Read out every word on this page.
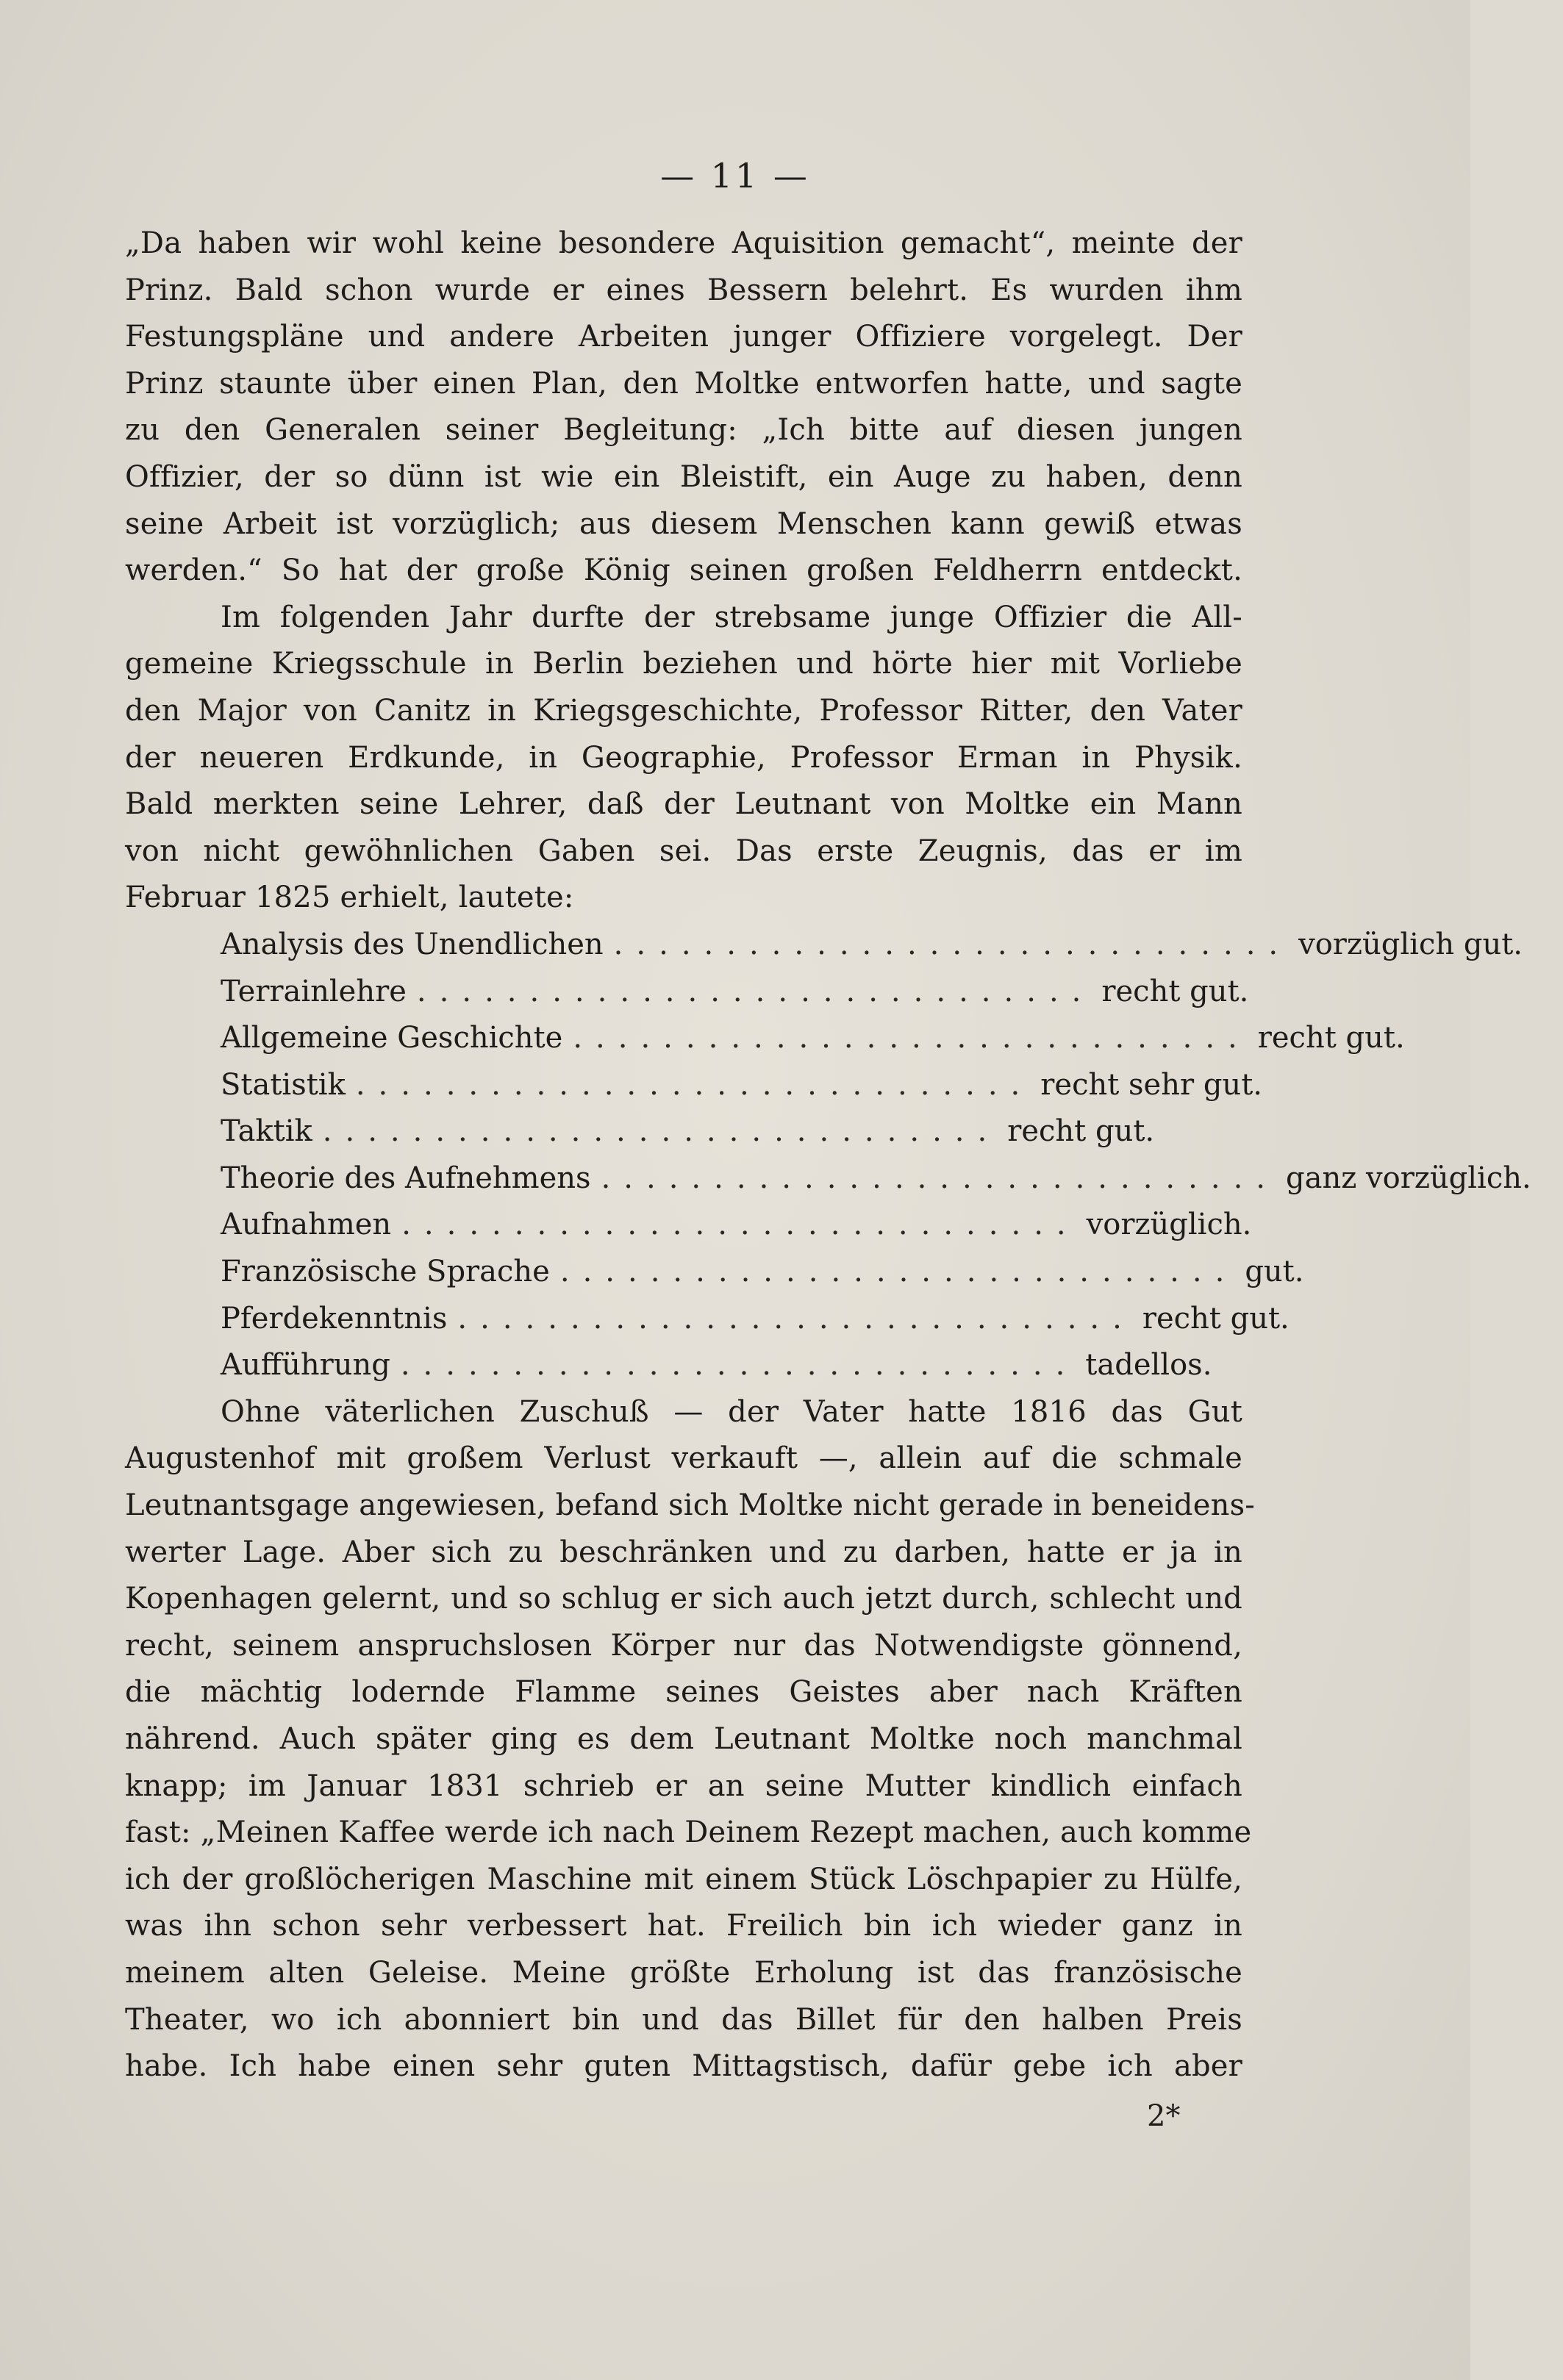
— 11 —
„Da haben wir wohl keine besondere Aquisition gemacht“, meinte der
Prinz. Bald schon wurde er eines Bessern belehrt. Es wurden ihm
Festungspläne und andere Arbeiten junger Offiziere vorgelegt. Der
Prinz staunte über einen Plan, den Moltke entworfen hatte, und sagte
zu den Generalen seiner Begleitung: „Ich bitte auf diesen jungen
Offizier, der so dünn ist wie ein Bleistift, ein Auge zu haben, denn
seine Arbeit ist vorzüglich; aus diesem Menschen kann gewiß etwas
werden.“ So hat der große König seinen großen Feldherrn entdeckt.
Im folgenden Jahr durfte der strebsame junge Offizier die All-
gemeine Kriegsschule in Berlin beziehen und hörte hier mit Vorliebe
den Major von Canitz in Kriegsgeschichte, Professor Ritter, den Vater
der neueren Erdkunde, in Geographie, Professor Erman in Physik.
Bald merkten seine Lehrer, daß der Leutnant von Moltke ein Mann
von nicht gewöhnlichen Gaben sei. Das erste Zeugnis, das er im
Februar 1825 erhielt, lautete:
Analysis des Unendlichen .............................. vorzüglich gut.
Terrainlehre .............................. recht gut.
Allgemeine Geschichte .............................. recht gut.
Statistik .............................. recht sehr gut.
Taktik .............................. recht gut.
Theorie des Aufnehmens .............................. ganz vorzüglich.
Aufnahmen .............................. vorzüglich.
Französische Sprache .............................. gut.
Pferdekenntnis .............................. recht gut.
Aufführung .............................. tadellos.
Ohne väterlichen Zuschuß — der Vater hatte 1816 das Gut
Augustenhof mit großem Verlust verkauft —, allein auf die schmale
Leutnantsgage angewiesen, befand sich Moltke nicht gerade in beneidens-
werter Lage. Aber sich zu beschränken und zu darben, hatte er ja in
Kopenhagen gelernt, und so schlug er sich auch jetzt durch, schlecht und
recht, seinem anspruchslosen Körper nur das Notwendigste gönnend,
die mächtig lodernde Flamme seines Geistes aber nach Kräften
nährend. Auch später ging es dem Leutnant Moltke noch manchmal
knapp; im Januar 1831 schrieb er an seine Mutter kindlich einfach
fast: „Meinen Kaffee werde ich nach Deinem Rezept machen, auch komme
ich der großlöcherigen Maschine mit einem Stück Löschpapier zu Hülfe,
was ihn schon sehr verbessert hat. Freilich bin ich wieder ganz in
meinem alten Geleise. Meine größte Erholung ist das französische
Theater, wo ich abonniert bin und das Billet für den halben Preis
habe. Ich habe einen sehr guten Mittagstisch, dafür gebe ich aber
2*
